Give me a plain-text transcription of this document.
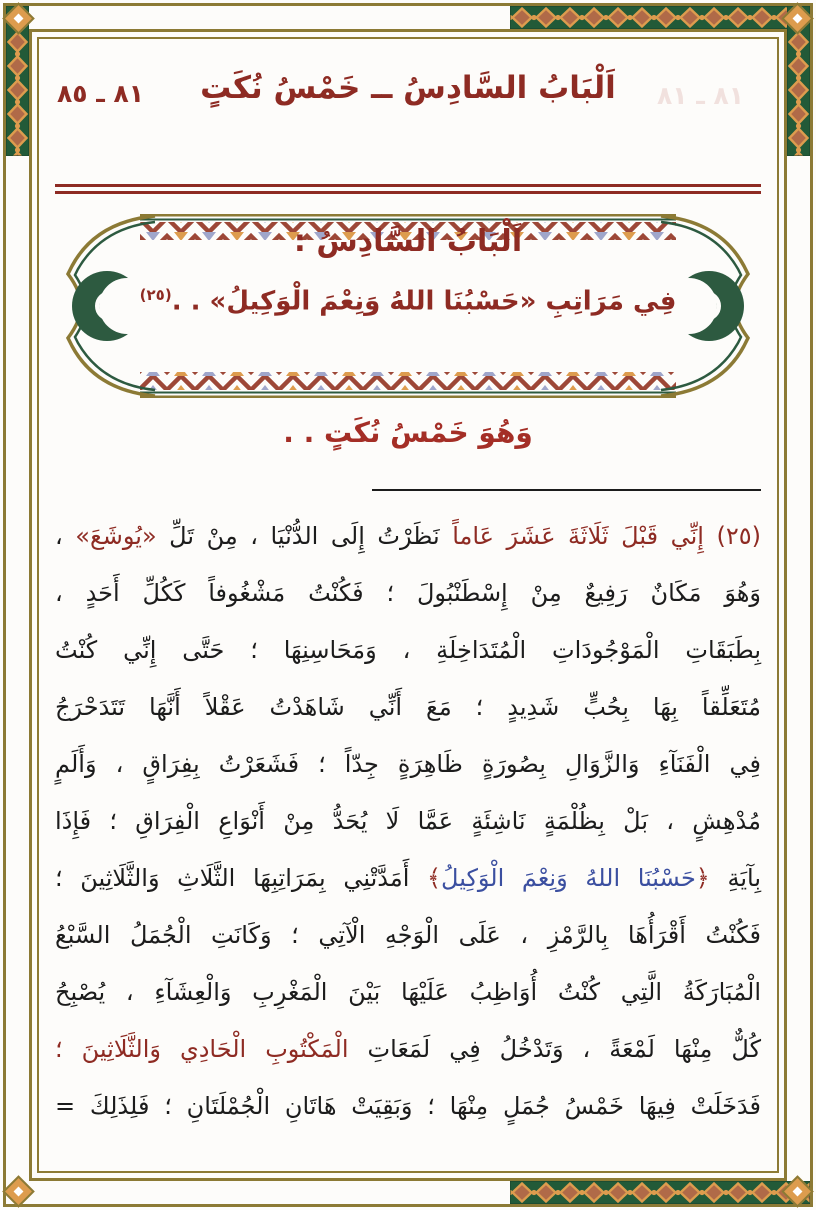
اَلْبَابُ السَّادِسُ ــ خَمْسُ نُكَتٍ
٨١ ـ ٨٥	٨١ ـ ٨١
اَلْبَابُ السَّادِسُ :
فِي مَرَاتِبِ «حَسْبُنَا اللهُ وَنِعْمَ الْوَكِيلُ» . .$^{(٢٥)}$
وَهُوَ خَمْسُ نُكَتٍ . .
(٢٥) إِنِّي قَبْلَ ثَلَاثَةَ عَشَرَ عَاماً نَظَرْتُ إِلَى الدُّنْيَا ، مِنْ تَلِّ «يُوشَعَ» ،
وَهُوَ مَكَانٌ رَفِيعٌ مِنْ إِسْطَنْبُولَ ؛ فَكُنْتُ مَشْغُوفاً كَكُلِّ أَحَدٍ ،
بِطَبَقَاتِ الْمَوْجُودَاتِ الْمُتَدَاخِلَةِ ، وَمَحَاسِنِهَا ؛ حَتَّى إِنِّي كُنْتُ
مُتَعَلِّقاً بِهَا بِحُبٍّ شَدِيدٍ ؛ مَعَ أَنِّي شَاهَدْتُ عَقْلاً أَنَّهَا تَتَدَحْرَجُ
فِي الْفَنَآءِ وَالزَّوَالِ بِصُورَةٍ ظَاهِرَةٍ جِدّاً ؛ فَشَعَرْتُ بِفِرَاقٍ ، وَأَلَمٍ
مُدْهِشٍ ، بَلْ بِظُلْمَةٍ نَاشِئَةٍ عَمَّا لَا يُحَدُّ مِنْ أَنْوَاعِ الْفِرَاقِ ؛ فَإِذَا
بِآيَةِ ﴿حَسْبُنَا اللهُ وَنِعْمَ الْوَكِيلُ﴾ أَمَدَّتْنِي بِمَرَاتِبِهَا الثَّلَاثِ وَالثَّلَاثِينَ ؛
فَكُنْتُ أَقْرَأُهَا بِالرَّمْزِ ، عَلَى الْوَجْهِ الْآتِي ؛ وَكَانَتِ الْجُمَلُ السَّبْعُ
الْمُبَارَكَةُ الَّتِي كُنْتُ أُوَاظِبُ عَلَيْهَا بَيْنَ الْمَغْرِبِ وَالْعِشَآءِ ، يُصْبِحُ
كُلٌّ مِنْهَا لَمْعَةً ، وَتَدْخُلُ فِي لَمَعَاتِ الْمَكْتُوبِ الْحَادِي وَالثَّلَاثِينَ ؛
فَدَخَلَتْ فِيهَا خَمْسُ جُمَلٍ مِنْهَا ؛ وَبَقِيَتْ هَاتَانِ الْجُمْلَتَانِ ؛ فَلِذَلِكَ =
